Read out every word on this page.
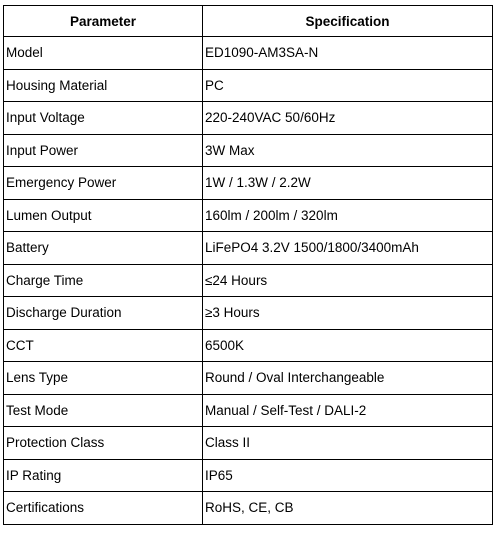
Parameter	Specification
Model	ED1090-AM3SA-N
Housing Material	PC
Input Voltage	220-240VAC 50/60Hz
Input Power	3W Max
Emergency Power	1W / 1.3W / 2.2W
Lumen Output	160lm / 200lm / 320lm
Battery	LiFePO4 3.2V 1500/1800/3400mAh
Charge Time	≤24 Hours
Discharge Duration	≥3 Hours
CCT	6500K
Lens Type	Round / Oval Interchangeable
Test Mode	Manual / Self-Test / DALI-2
Protection Class	Class II
IP Rating	IP65
Certifications	RoHS, CE, CB
